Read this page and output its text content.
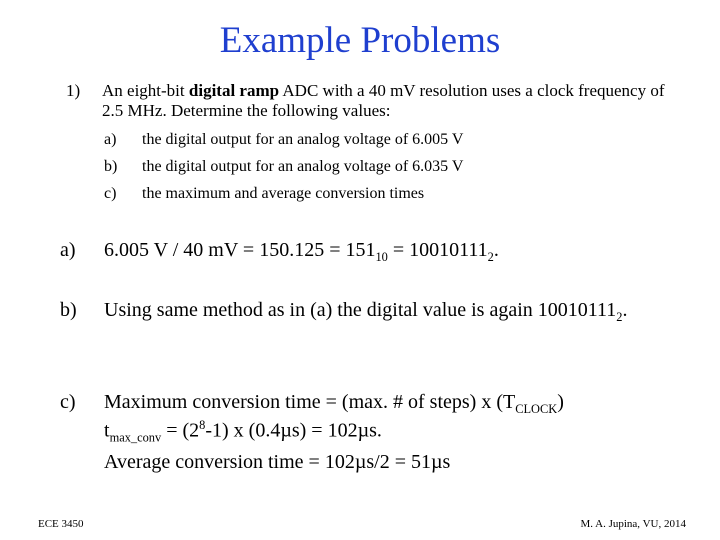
Example Problems
1) An eight-bit digital ramp ADC with a 40 mV resolution uses a clock frequency of 2.5 MHz. Determine the following values:
a) the digital output for an analog voltage of 6.005 V
b) the digital output for an analog voltage of 6.035 V
c) the maximum and average conversion times
a) 6.005 V / 40 mV = $150.125 = 151_{10} = 10010111_2$.
b) Using same method as in (a) the digital value is again $10010111_2$.
c) Maximum conversion time = (max. # of steps) x $(T_{CLOCK})$
$t_{max\_conv} = (2^8-1)$ x (0.4µs) = 102µs.
Average conversion time = 102µs/2 = 51µs
ECE 3450	M. A. Jupina, VU, 2014
